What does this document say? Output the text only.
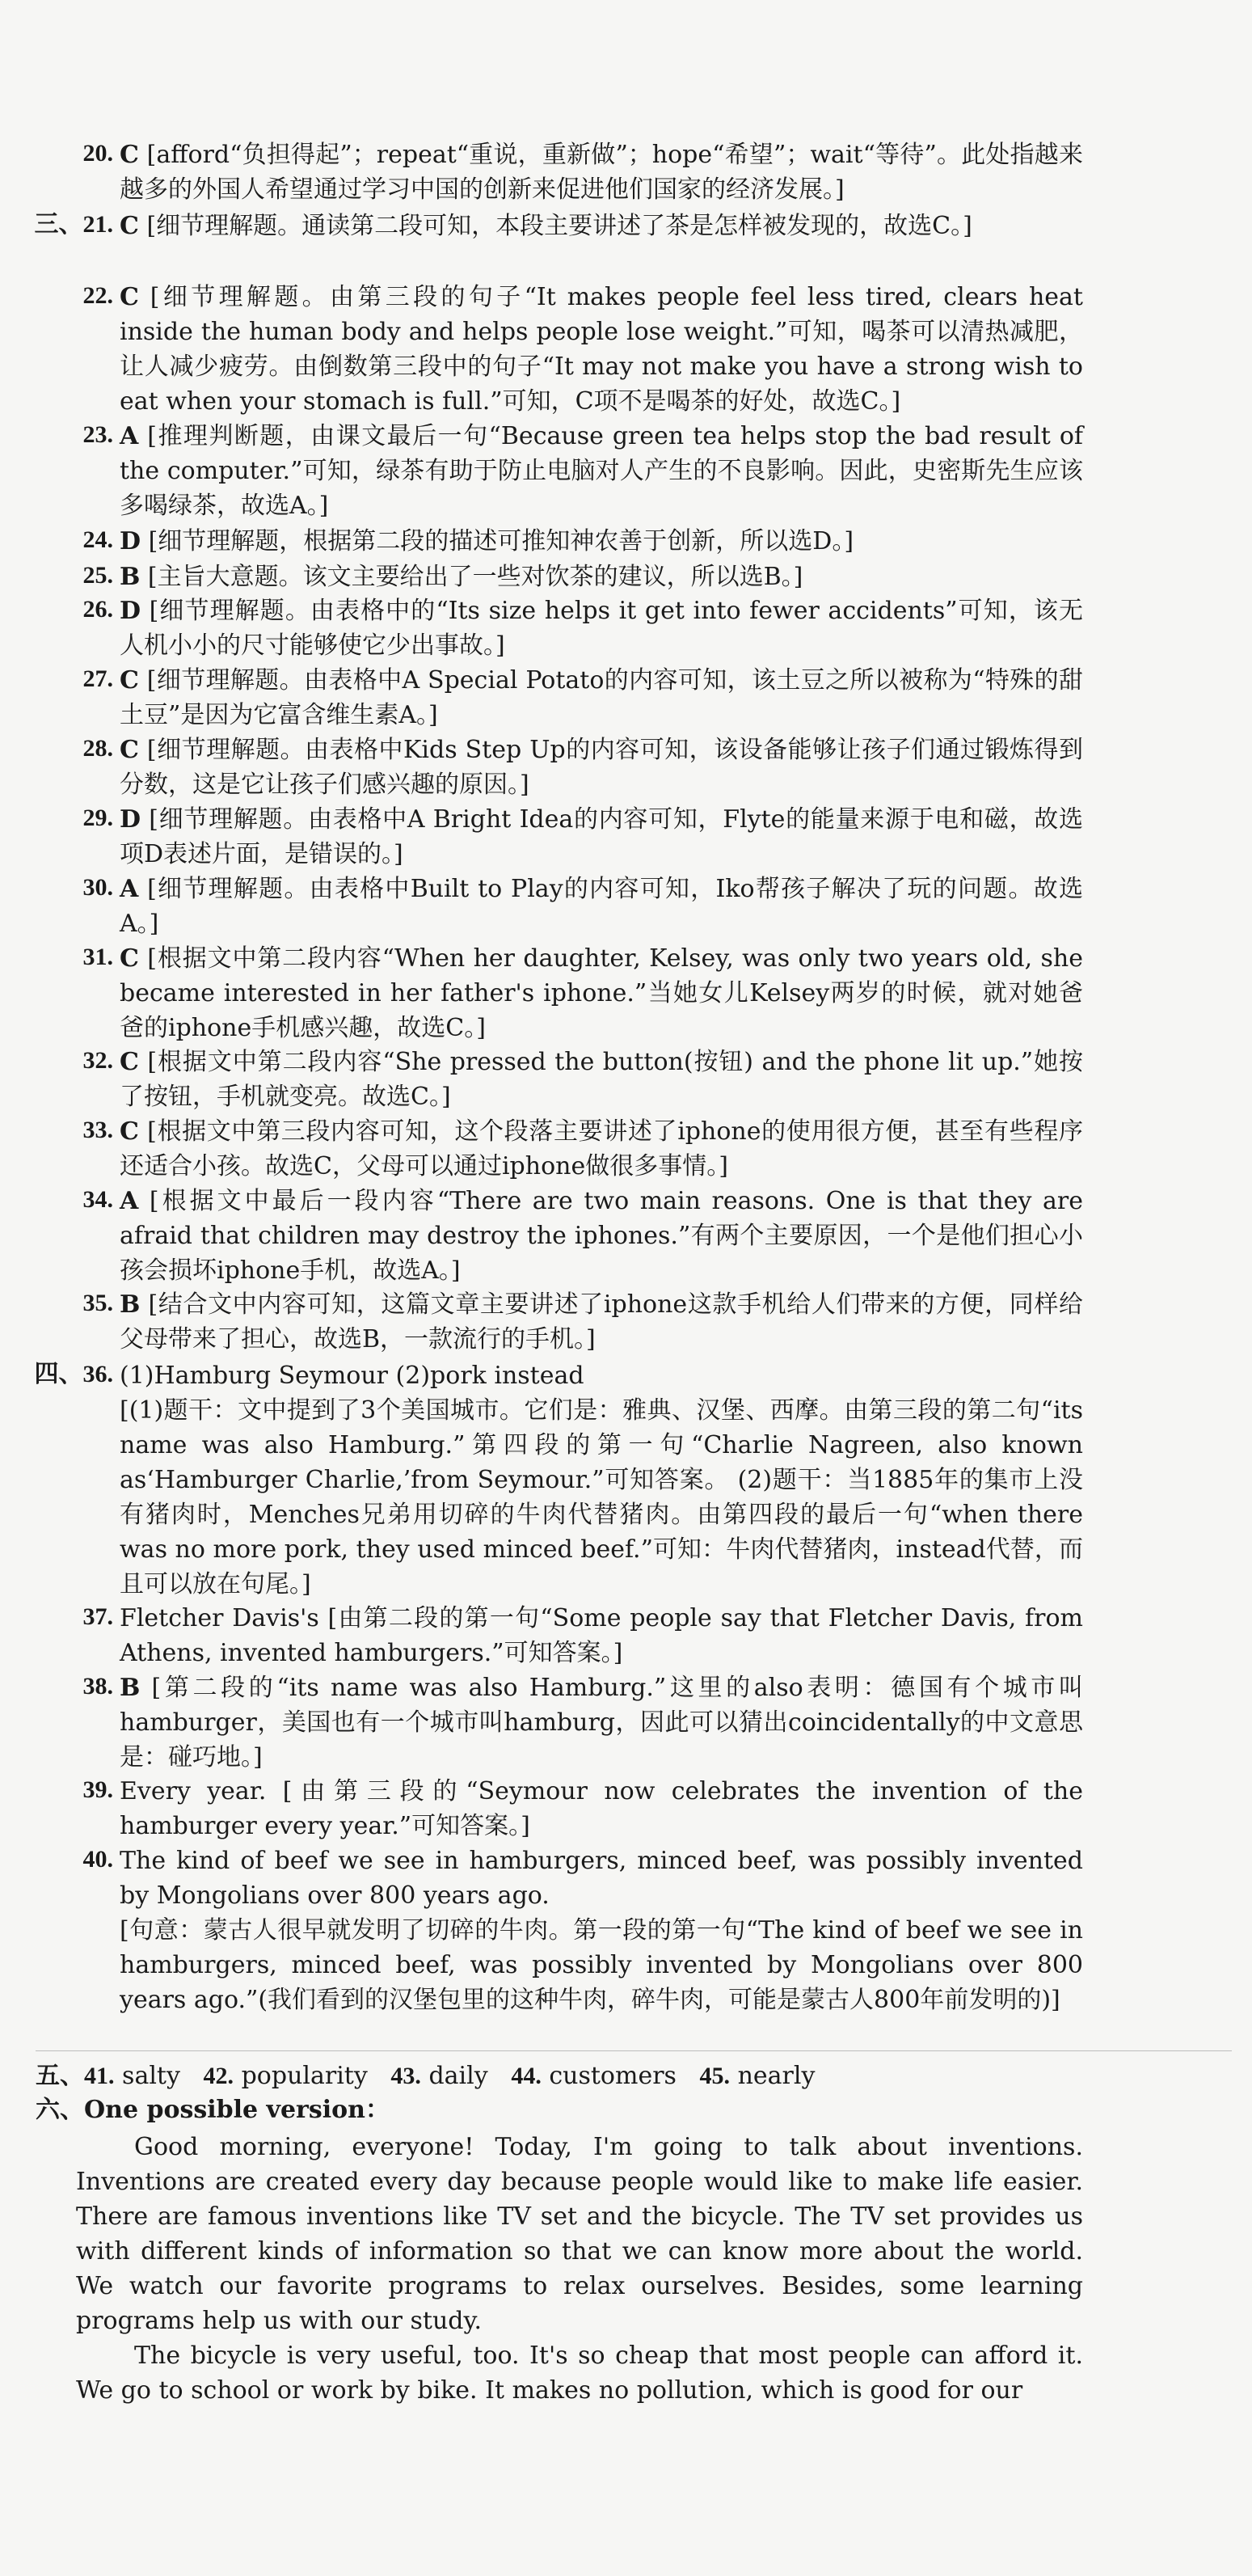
20. C [afford“负担得起”；repeat“重说，重新做”；hope“希望”；wait“等待”。此处指越来越多的外国人希望通过学习中国的创新来促进他们国家的经济发展。]
三、21. C [细节理解题。通读第二段可知，本段主要讲述了茶是怎样被发现的，故选C。]
22. C [细节理解题。由第三段的句子“It makes people feel less tired, clears heat inside the human body and helps people lose weight.”可知，喝茶可以清热减肥，让人减少疲劳。由倒数第三段中的句子“It may not make you have a strong wish to eat when your stomach is full.”可知，C项不是喝茶的好处，故选C。]
23. A [推理判断题，由课文最后一句“Because green tea helps stop the bad result of the computer.”可知，绿茶有助于防止电脑对人产生的不良影响。因此，史密斯先生应该多喝绿茶，故选A。]
24. D [细节理解题，根据第二段的描述可推知神农善于创新，所以选D。]
25. B [主旨大意题。该文主要给出了一些对饮茶的建议，所以选B。]
26. D [细节理解题。由表格中的“Its size helps it get into fewer accidents”可知，该无人机小小的尺寸能够使它少出事故。]
27. C [细节理解题。由表格中A Special Potato的内容可知，该土豆之所以被称为“特殊的甜土豆”是因为它富含维生素A。]
28. C [细节理解题。由表格中Kids Step Up的内容可知，该设备能够让孩子们通过锻炼得到分数，这是它让孩子们感兴趣的原因。]
29. D [细节理解题。由表格中A Bright Idea的内容可知，Flyte的能量来源于电和磁，故选项D表述片面，是错误的。]
30. A [细节理解题。由表格中Built to Play的内容可知，Iko帮孩子解决了玩的问题。故选A。]
31. C [根据文中第二段内容“When her daughter, Kelsey, was only two years old, she became interested in her father's iphone.”当她女儿Kelsey两岁的时候，就对她爸爸的iphone手机感兴趣，故选C。]
32. C [根据文中第二段内容“She pressed the button(按钮) and the phone lit up.”她按了按钮，手机就变亮。故选C。]
33. C [根据文中第三段内容可知，这个段落主要讲述了iphone的使用很方便，甚至有些程序还适合小孩。故选C，父母可以通过iphone做很多事情。]
34. A [根据文中最后一段内容“There are two main reasons. One is that they are afraid that children may destroy the iphones.”有两个主要原因，一个是他们担心小孩会损坏iphone手机，故选A。]
35. B [结合文中内容可知，这篇文章主要讲述了iphone这款手机给人们带来的方便，同样给父母带来了担心，故选B，一款流行的手机。]
四、36. (1)Hamburg Seymour (2)pork instead
[(1)题干：文中提到了3个美国城市。它们是：雅典、汉堡、西摩。由第三段的第二句“its name was also Hamburg.”第四段的第一句“Charlie Nagreen, also known as‘Hamburger Charlie,’from Seymour.”可知答案。 (2)题干：当1885年的集市上没有猪肉时，Menches兄弟用切碎的牛肉代替猪肉。由第四段的最后一句“when there was no more pork, they used minced beef.”可知：牛肉代替猪肉，instead代替，而且可以放在句尾。]
37. Fletcher Davis's [由第二段的第一句“Some people say that Fletcher Davis, from Athens, invented hamburgers.”可知答案。]
38. B [第二段的“its name was also Hamburg.”这里的also表明：德国有个城市叫hamburger，美国也有一个城市叫hamburg，因此可以猜出coincidentally的中文意思是：碰巧地。]
39. Every year. [由第三段的“Seymour now celebrates the invention of the hamburger every year.”可知答案。]
40. The kind of beef we see in hamburgers, minced beef, was possibly invented by Mongolians over 800 years ago.
[句意：蒙古人很早就发明了切碎的牛肉。第一段的第一句“The kind of beef we see in hamburgers, minced beef, was possibly invented by Mongolians over 800 years ago.”(我们看到的汉堡包里的这种牛肉，碎牛肉，可能是蒙古人800年前发明的)]
五、41. salty 42. popularity 43. daily 44. customers 45. nearly
六、One possible version：

Good morning, everyone! Today, I'm going to talk about inventions. Inventions are created every day because people would like to make life easier. There are famous inventions like TV set and the bicycle. The TV set provides us with different kinds of information so that we can know more about the world. We watch our favorite programs to relax ourselves. Besides, some learning programs help us with our study.

The bicycle is very useful, too. It's so cheap that most people can afford it. We go to school or work by bike. It makes no pollution, which is good for our
